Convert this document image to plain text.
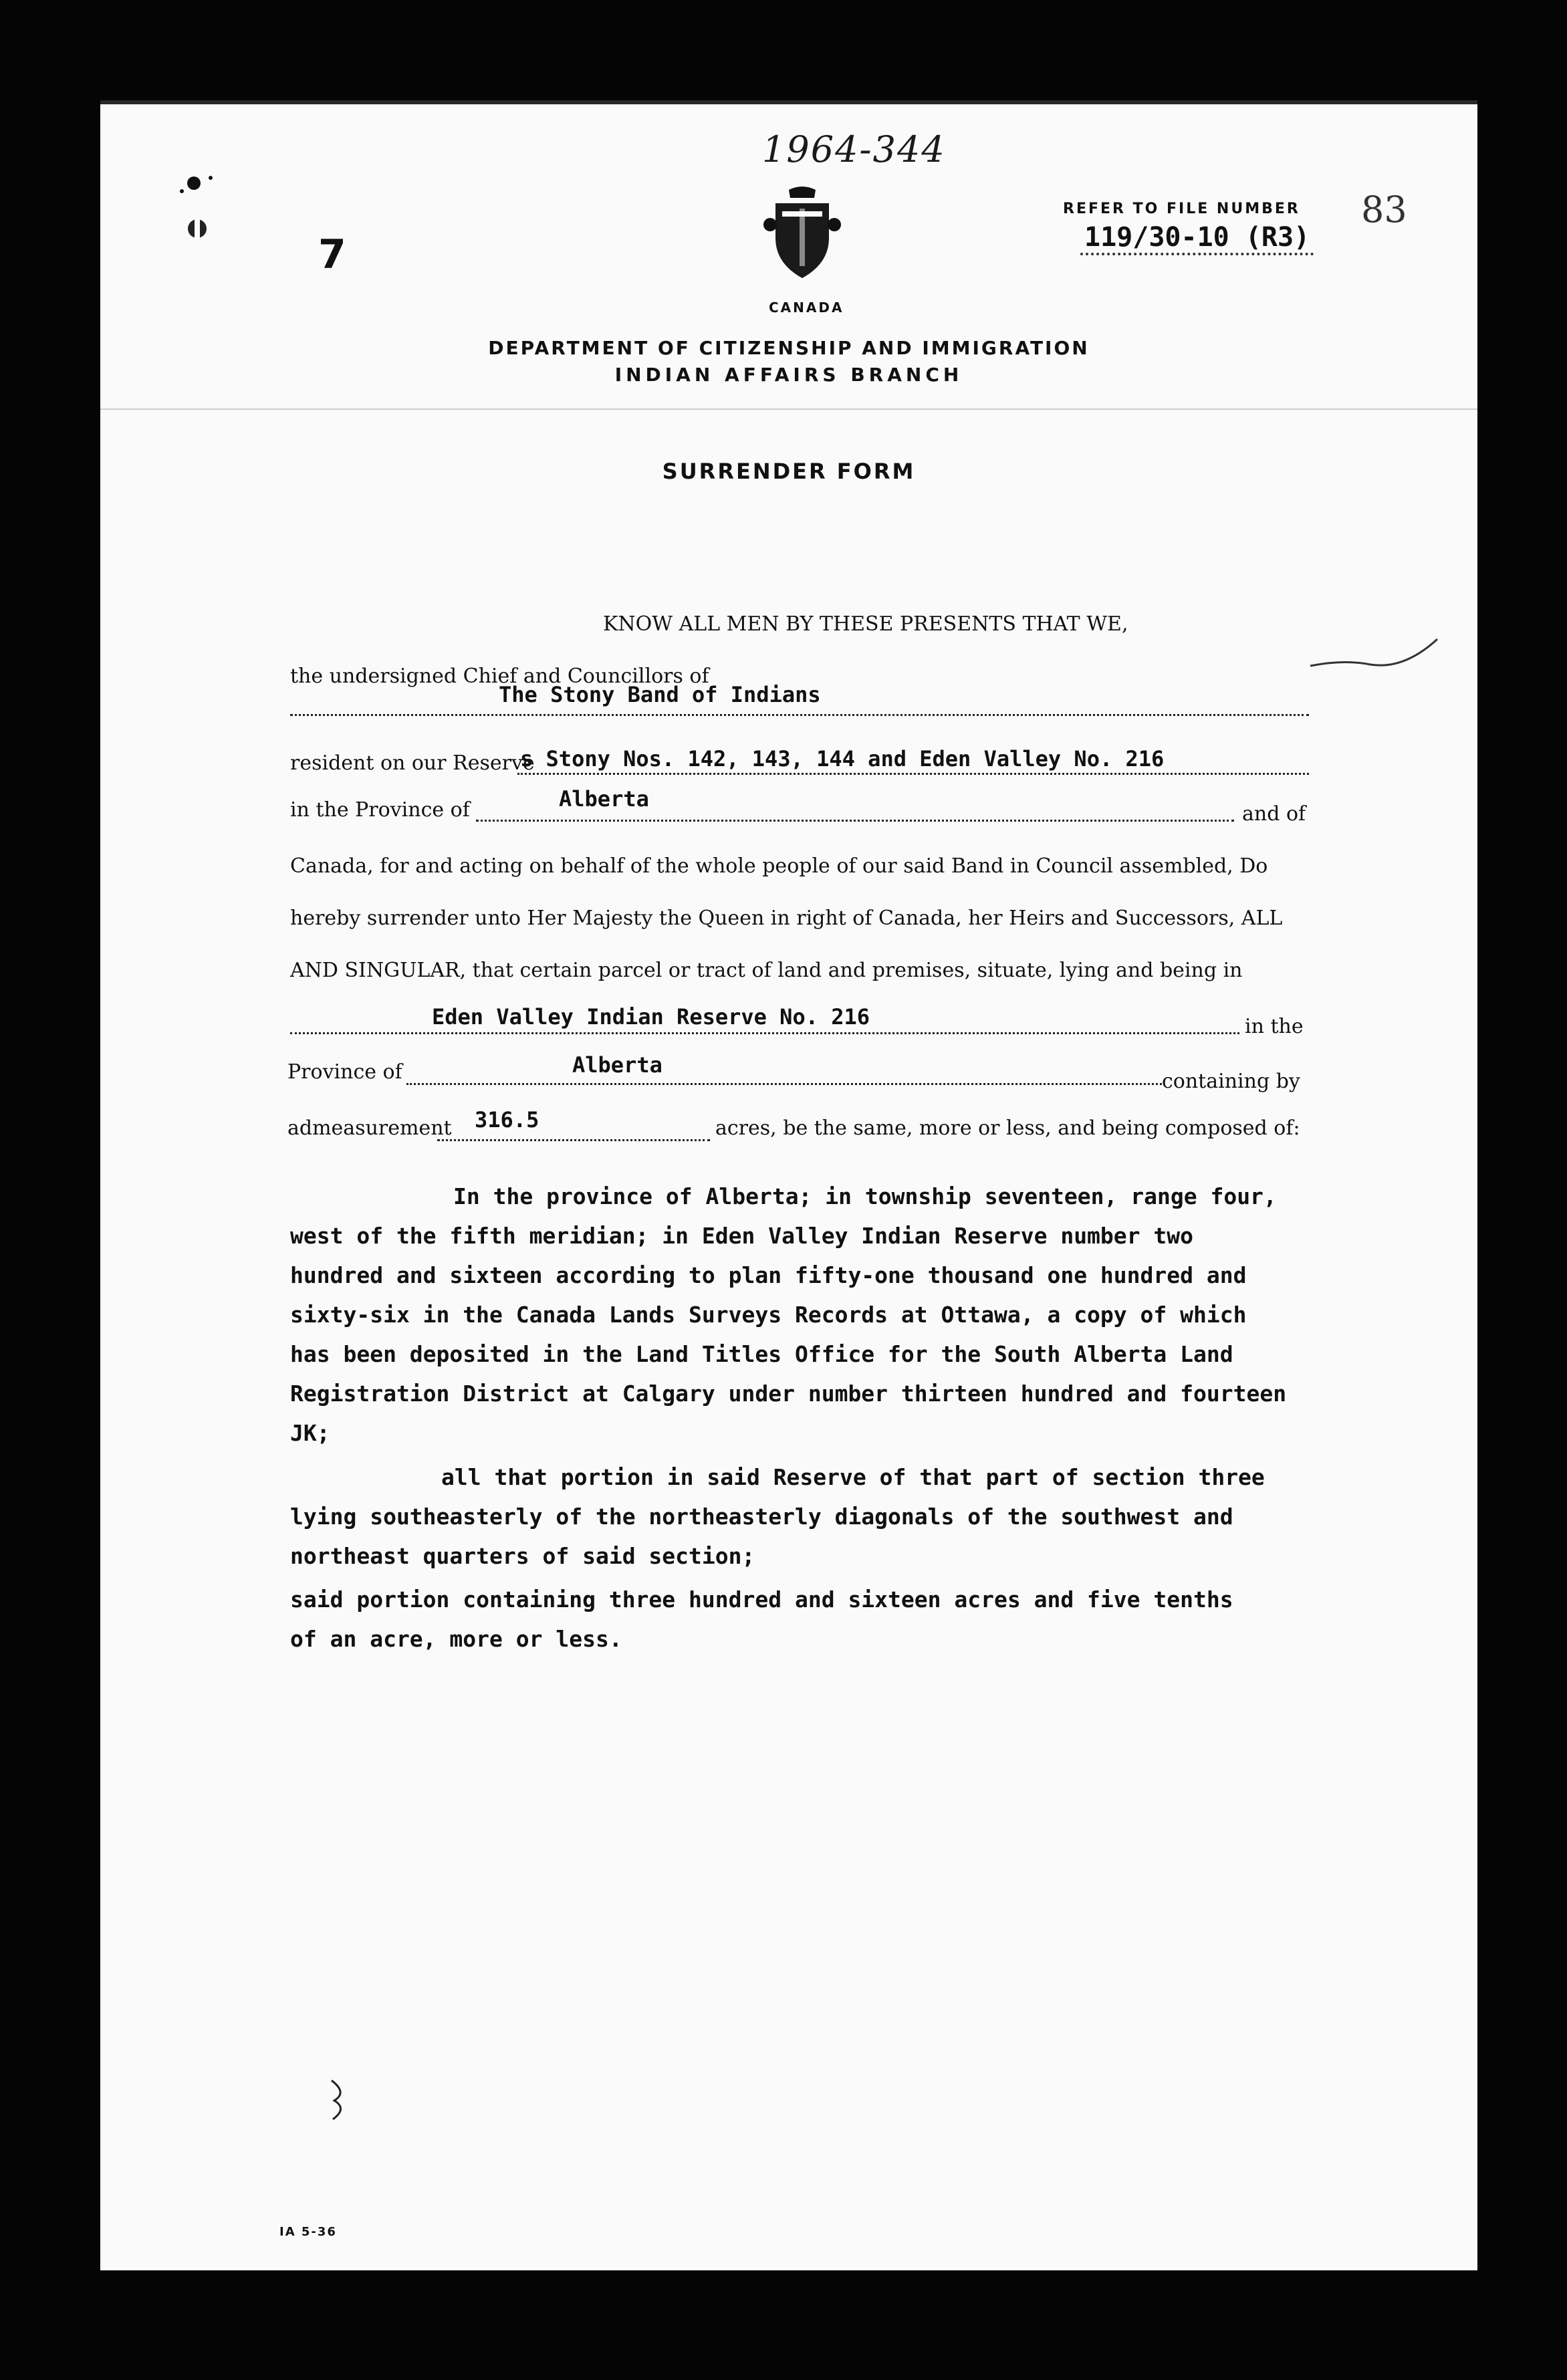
1964-344
7
CANADA
REFER TO FILE NUMBER
119/30-10 (R3)
83
DEPARTMENT OF CITIZENSHIP AND IMMIGRATION
INDIAN AFFAIRS BRANCH
SURRENDER FORM
KNOW ALL MEN BY THESE PRESENTS THAT WE,
the undersigned Chief and Councillors of
The Stony Band of Indians
resident on our Reserve
s Stony Nos. 142, 143, 144 and Eden Valley No. 216
in the Province of	Alberta
and of
Canada, for and acting on behalf of the whole people of our said Band in Council assembled, Do
hereby surrender unto Her Majesty the Queen in right of Canada, her Heirs and Successors, ALL
AND SINGULAR, that certain parcel or tract of land and premises, situate, lying and being in
Eden Valley Indian Reserve No. 216	in the
Province of	Alberta
containing by
admeasurement 316.5	acres, be the same, more or less, and being composed of:
In the province of Alberta; in township seventeen, range four,
west of the fifth meridian; in Eden Valley Indian Reserve number two
hundred and sixteen according to plan fifty-one thousand one hundred and
sixty-six in the Canada Lands Surveys Records at Ottawa, a copy of which
has been deposited in the Land Titles Office for the South Alberta Land
Registration District at Calgary under number thirteen hundred and fourteen
JK;
all that portion in said Reserve of that part of section three
lying southeasterly of the northeasterly diagonals of the southwest and
northeast quarters of said section;
said portion containing three hundred and sixteen acres and five tenths
of an acre, more or less.
IA 5-36
